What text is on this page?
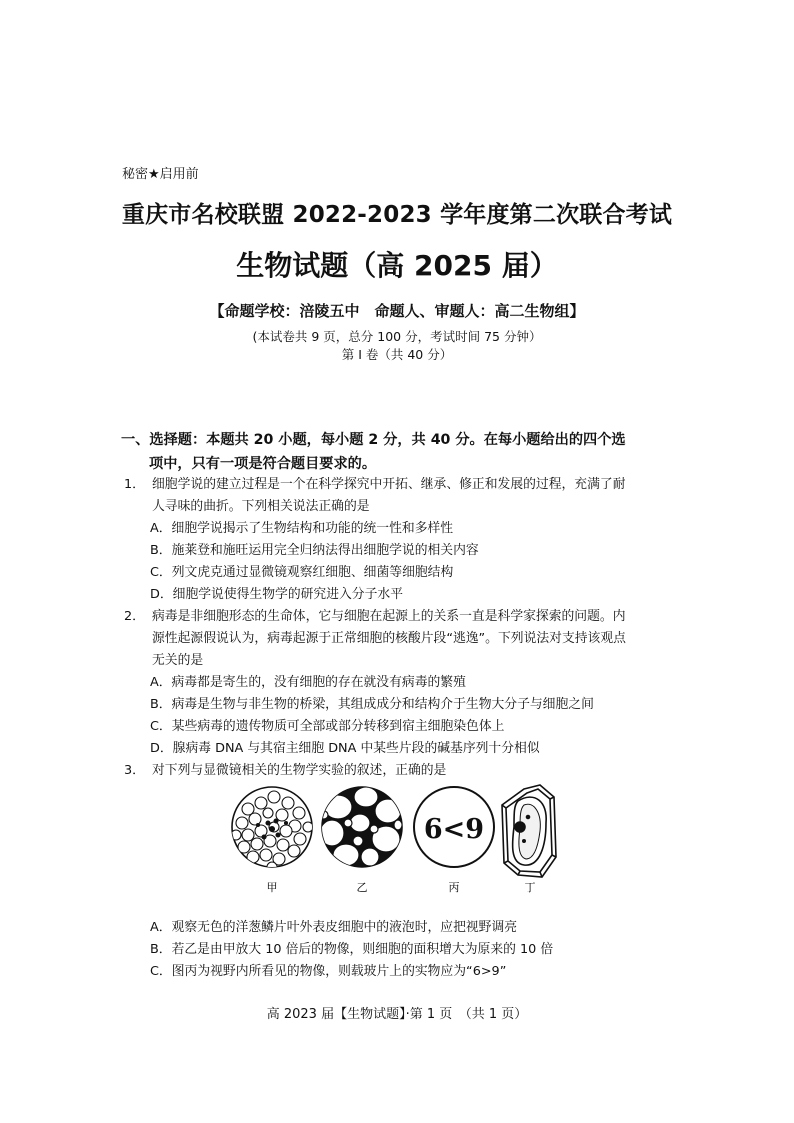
秘密★启用前
重庆市名校联盟 2022-2023 学年度第二次联合考试
生物试题（高 2025 届）
【命题学校：涪陵五中　命题人、审题人：高二生物组】
(本试卷共 9 页，总分 100 分，考试时间 75 分钟）
第 I 卷（共 40 分）
一、选择题：本题共 20 小题，每小题 2 分，共 40 分。在每小题给出的四个选
项中，只有一项是符合题目要求的。
1． 细胞学说的建立过程是一个在科学探究中开拓、继承、修正和发展的过程，充满了耐
人寻味的曲折。下列相关说法正确的是
A．细胞学说揭示了生物结构和功能的统一性和多样性
B．施莱登和施旺运用完全归纳法得出细胞学说的相关内容
C．列文虎克通过显微镜观察红细胞、细菌等细胞结构
D．细胞学说使得生物学的研究进入分子水平
2． 病毒是非细胞形态的生命体，它与细胞在起源上的关系一直是科学家探索的问题。内
源性起源假说认为，病毒起源于正常细胞的核酸片段“逃逸”。下列说法对支持该观点
无关的是
A．病毒都是寄生的，没有细胞的存在就没有病毒的繁殖
B．病毒是生物与非生物的桥梁，其组成成分和结构介于生物大分子与细胞之间
C．某些病毒的遗传物质可全部或部分转移到宿主细胞染色体上
D．腺病毒 DNA 与其宿主细胞 DNA 中某些片段的碱基序列十分相似
3． 对下列与显微镜相关的生物学实验的叙述，正确的是
6<9
甲	乙	丙	丁
A．观察无色的洋葱鳞片叶外表皮细胞中的液泡时，应把视野调亮
B．若乙是由甲放大 10 倍后的物像，则细胞的面积增大为原来的 10 倍
C．图丙为视野内所看见的物像，则载玻片上的实物应为“6>9”
高 2023 届【生物试题】·第 1 页　（共 1 页）
